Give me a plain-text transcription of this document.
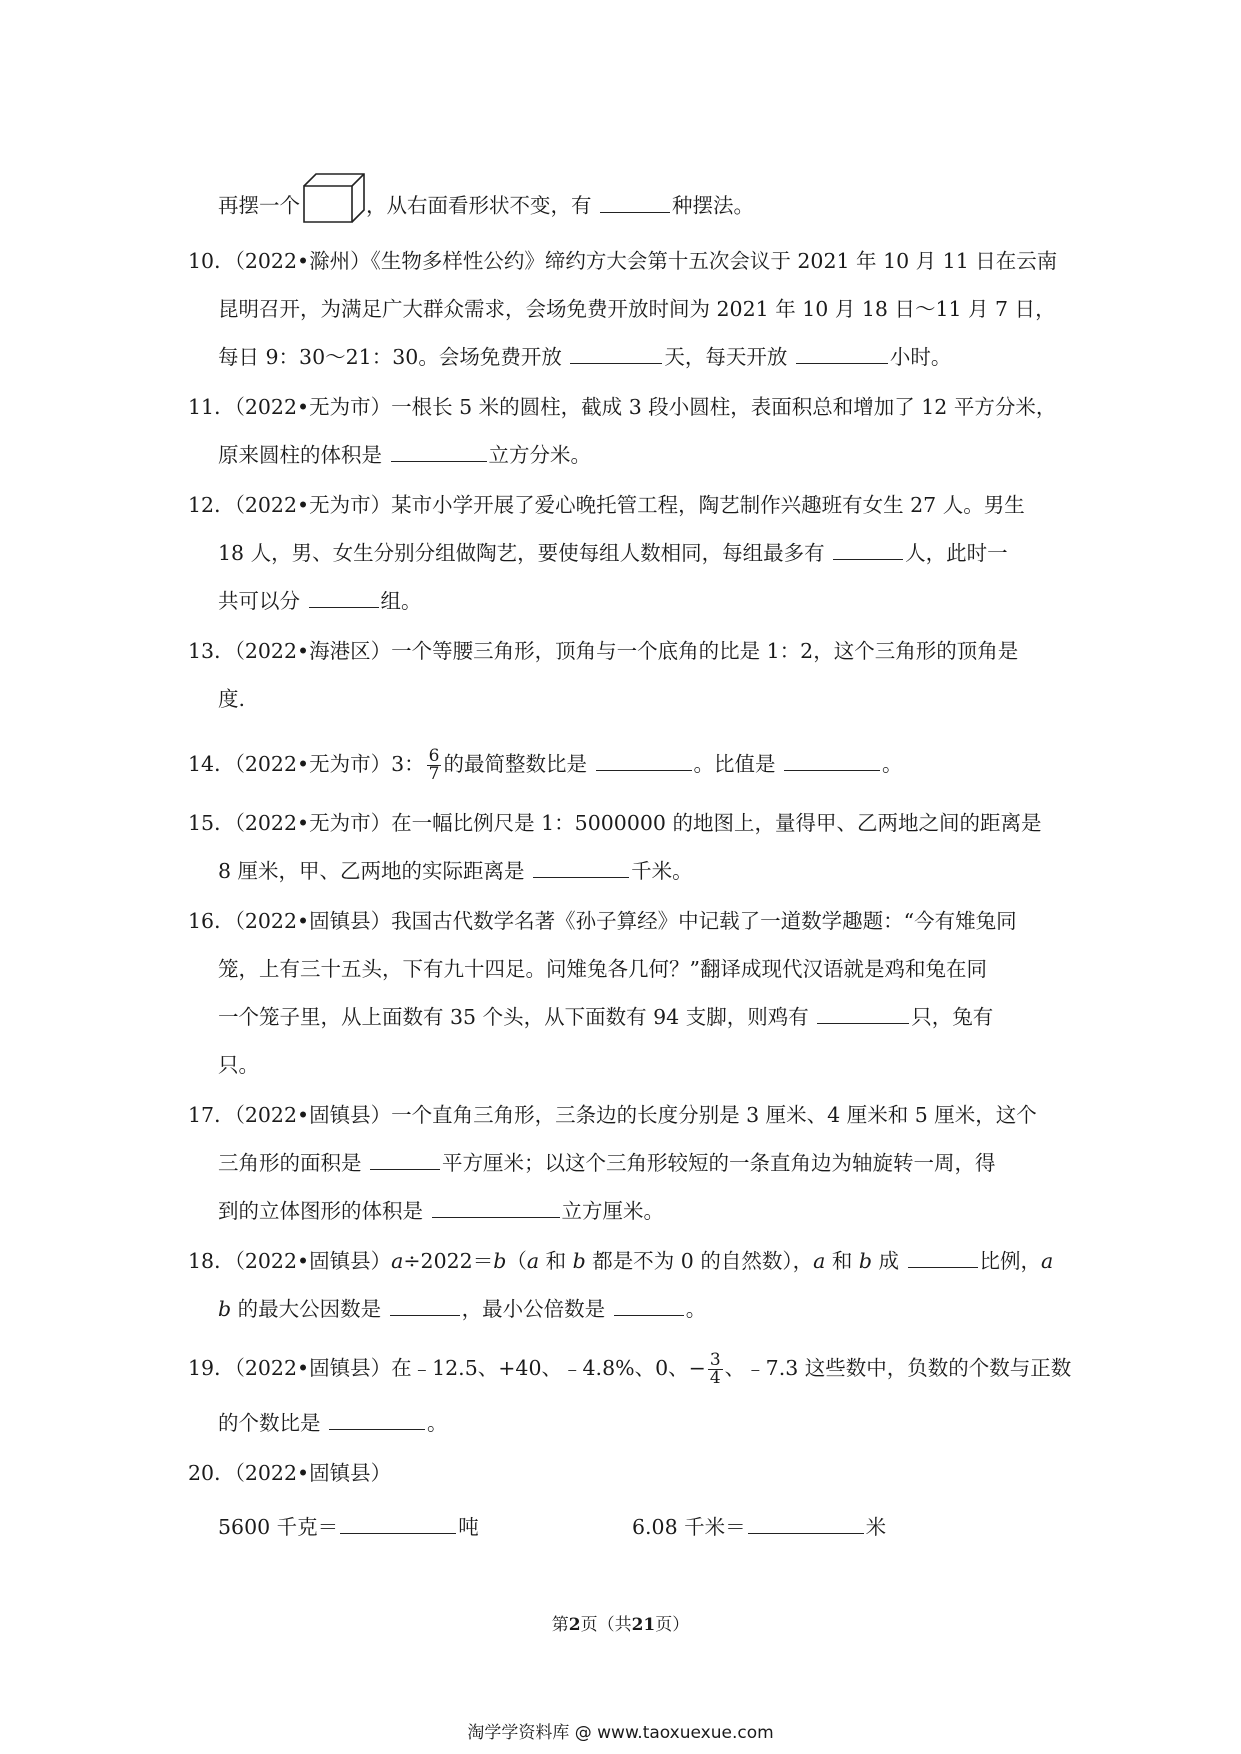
再摆一个	，从右面看形状不变，有	种摆法。
10．（2022•滁州）《生物多样性公约》缔约方大会第十五次会议于 2021 年 10 月 11 日在云南
昆明召开，为满足广大群众需求，会场免费开放时间为 2021 年 10 月 18 日～11 月 7 日，
每日 9：30～21：30。会场免费开放	天，每天开放	小时。
11．（2022•无为市）一根长 5 米的圆柱，截成 3 段小圆柱，表面积总和增加了 12 平方分米，
原来圆柱的体积是	立方分米。
12．（2022•无为市）某市小学开展了爱心晚托管工程，陶艺制作兴趣班有女生 27 人。男生
18 人，男、女生分别分组做陶艺，要使每组人数相同，每组最多有	人，此时一
共可以分	组。
13．（2022•海港区）一个等腰三角形，顶角与一个底角的比是 1：2，这个三角形的顶角是
度.
14．（2022•无为市）3： $\frac{6}{7}$ 的最简整数比是	。比值是	。
15．（2022•无为市）在一幅比例尺是 1：5000000 的地图上，量得甲、乙两地之间的距离是
8 厘米，甲、乙两地的实际距离是	千米。
16．（2022•固镇县）我国古代数学名著《孙子算经》中记载了一道数学趣题：“今有雉兔同
笼，上有三十五头，下有九十四足。问雉兔各几何？”翻译成现代汉语就是鸡和兔在同
一个笼子里，从上面数有 35 个头，从下面数有 94 支脚，则鸡有	只，兔有
只。
17．（2022•固镇县）一个直角三角形，三条边的长度分别是 3 厘米、4 厘米和 5 厘米，这个
三角形的面积是	平方厘米；以这个三角形较短的一条直角边为轴旋转一周，得
到的立体图形的体积是	立方厘米。
18．（2022•固镇县）a÷2022＝b（a 和 b 都是不为 0 的自然数），a 和 b 成	比例，a
b 的最大公因数是	，最小公倍数是	。
19．（2022•固镇县）在﹣12.5、+40、﹣4.8%、0、− $\frac{3}{4}$ 、﹣7.3 这些数中，负数的个数与正数
的个数比是	。
20．（2022•固镇县）
5600 千克＝	吨	6.08 千米＝	米
第2页（共21页）
淘学学资料库 @ www.taoxuexue.com
